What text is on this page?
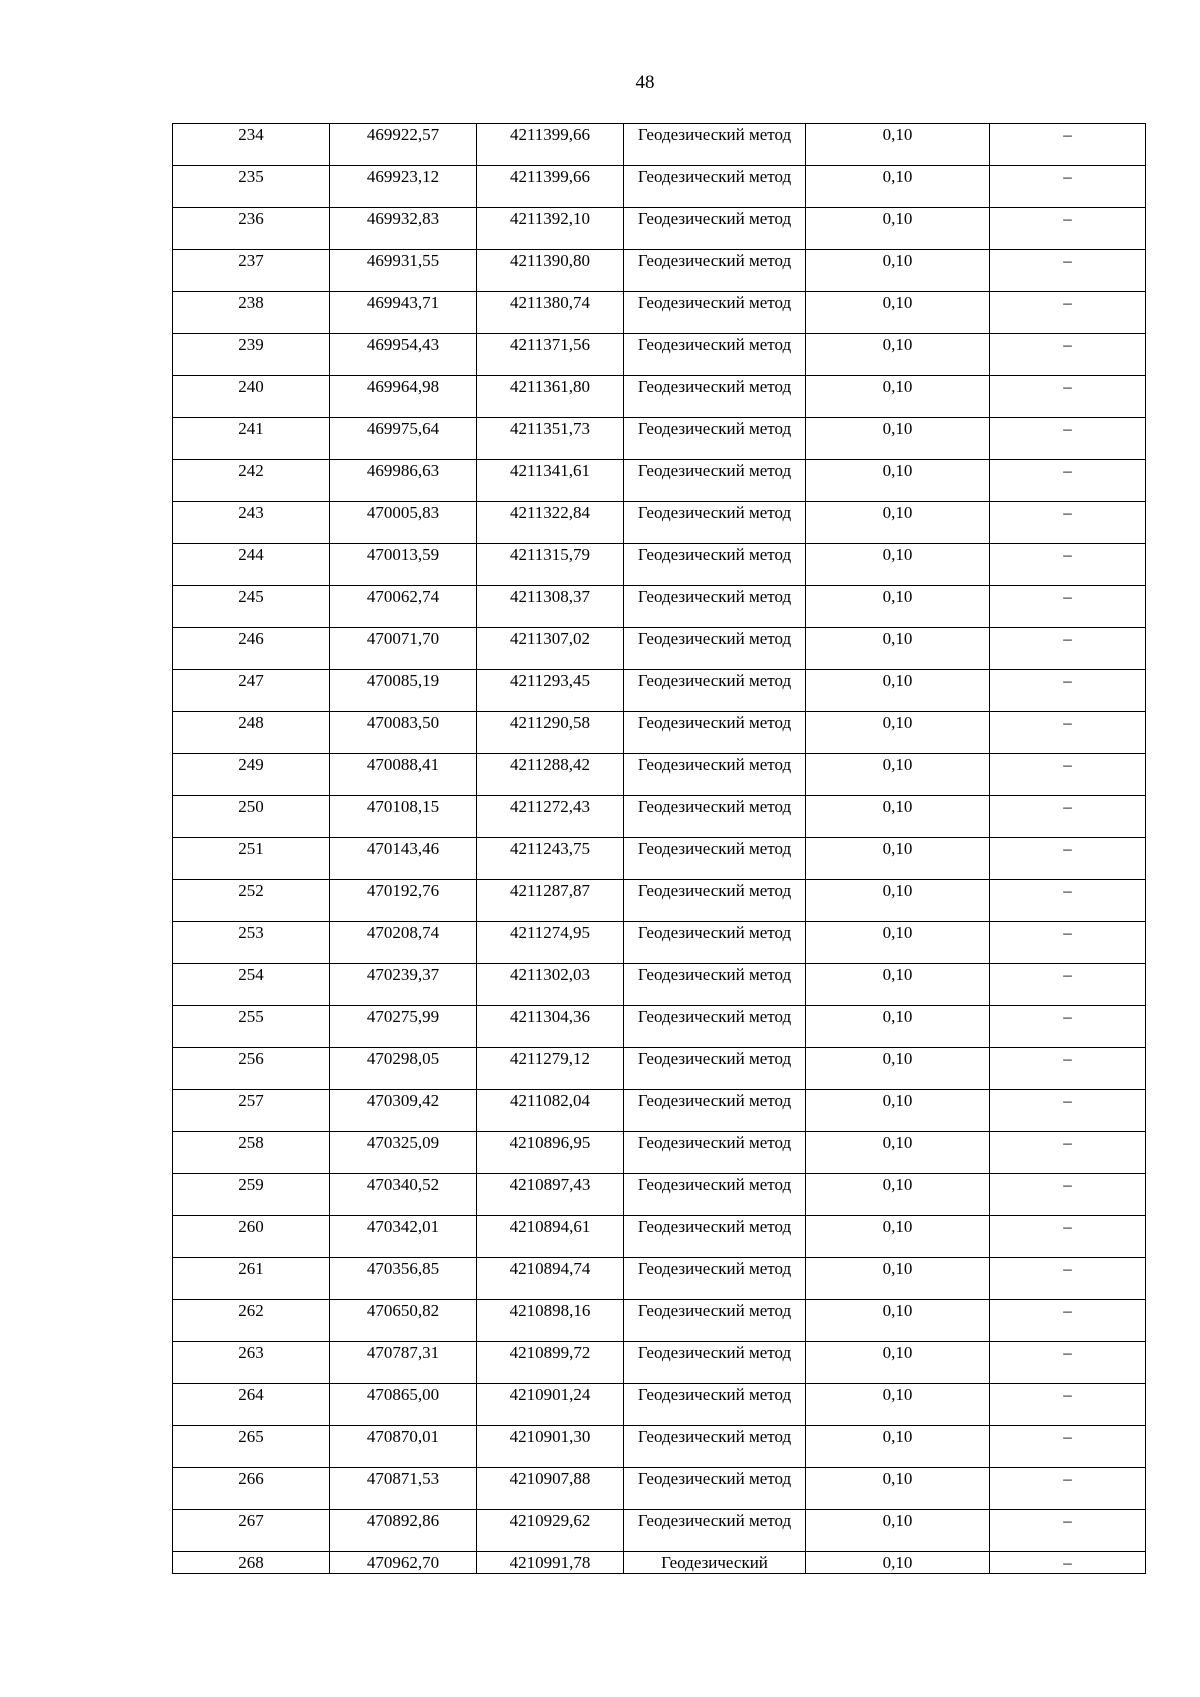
48
234	469922,57	4211399,66	Геодезический метод	0,10	–
235	469923,12	4211399,66	Геодезический метод	0,10	–
236	469932,83	4211392,10	Геодезический метод	0,10	–
237	469931,55	4211390,80	Геодезический метод	0,10	–
238	469943,71	4211380,74	Геодезический метод	0,10	–
239	469954,43	4211371,56	Геодезический метод	0,10	–
240	469964,98	4211361,80	Геодезический метод	0,10	–
241	469975,64	4211351,73	Геодезический метод	0,10	–
242	469986,63	4211341,61	Геодезический метод	0,10	–
243	470005,83	4211322,84	Геодезический метод	0,10	–
244	470013,59	4211315,79	Геодезический метод	0,10	–
245	470062,74	4211308,37	Геодезический метод	0,10	–
246	470071,70	4211307,02	Геодезический метод	0,10	–
247	470085,19	4211293,45	Геодезический метод	0,10	–
248	470083,50	4211290,58	Геодезический метод	0,10	–
249	470088,41	4211288,42	Геодезический метод	0,10	–
250	470108,15	4211272,43	Геодезический метод	0,10	–
251	470143,46	4211243,75	Геодезический метод	0,10	–
252	470192,76	4211287,87	Геодезический метод	0,10	–
253	470208,74	4211274,95	Геодезический метод	0,10	–
254	470239,37	4211302,03	Геодезический метод	0,10	–
255	470275,99	4211304,36	Геодезический метод	0,10	–
256	470298,05	4211279,12	Геодезический метод	0,10	–
257	470309,42	4211082,04	Геодезический метод	0,10	–
258	470325,09	4210896,95	Геодезический метод	0,10	–
259	470340,52	4210897,43	Геодезический метод	0,10	–
260	470342,01	4210894,61	Геодезический метод	0,10	–
261	470356,85	4210894,74	Геодезический метод	0,10	–
262	470650,82	4210898,16	Геодезический метод	0,10	–
263	470787,31	4210899,72	Геодезический метод	0,10	–
264	470865,00	4210901,24	Геодезический метод	0,10	–
265	470870,01	4210901,30	Геодезический метод	0,10	–
266	470871,53	4210907,88	Геодезический метод	0,10	–
267	470892,86	4210929,62	Геодезический метод	0,10	–
268	470962,70	4210991,78	Геодезический	0,10	–
